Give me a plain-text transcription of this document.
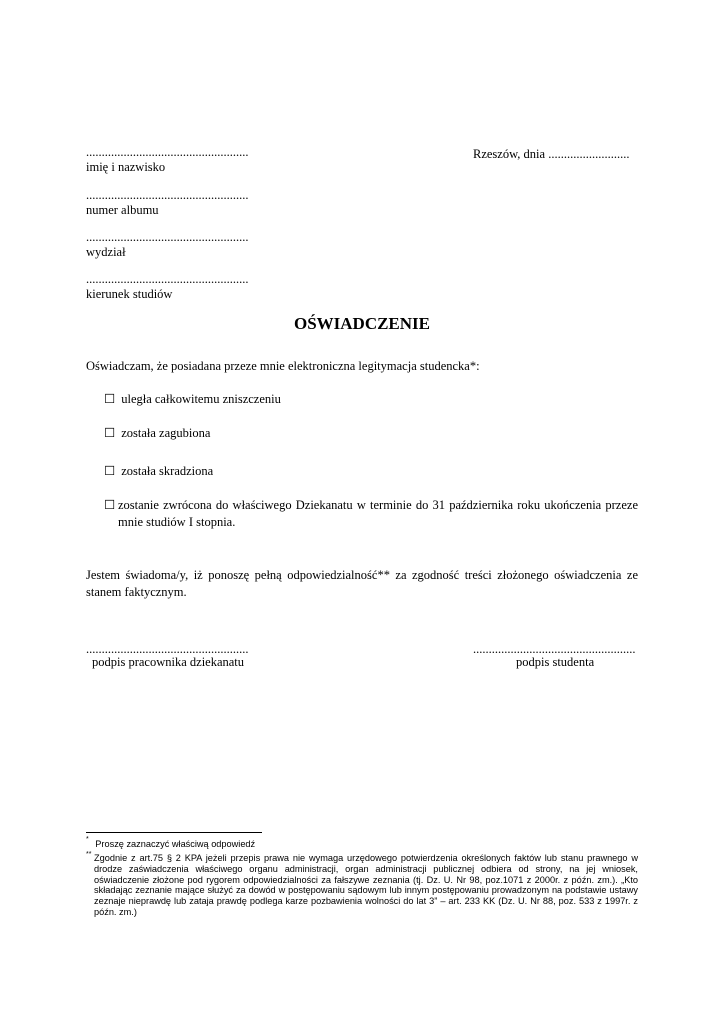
....................................................
imię i nazwisko
....................................................
numer albumu
....................................................
wydział
....................................................
kierunek studiów
Rzeszów, dnia ..........................
OŚWIADCZENIE
Oświadczam, że posiadana przeze mnie elektroniczna legitymacja studencka*:
☐ uległa całkowitemu zniszczeniu
☐ została zagubiona
☐ została skradziona
☐ zostanie zwrócona do właściwego Dziekanatu w terminie do 31 października roku ukończenia przeze mnie studiów I stopnia.
Jestem świadoma/y, iż ponoszę pełną odpowiedzialność** za zgodność treści złożonego oświadczenia ze stanem faktycznym.
....................................................
podpis pracownika dziekanatu
....................................................
podpis studenta
* Proszę zaznaczyć właściwą odpowiedź
** Zgodnie z art.75 § 2 KPA jeżeli przepis prawa nie wymaga urzędowego potwierdzenia określonych faktów lub stanu prawnego w drodze zaświadczenia właściwego organu administracji, organ administracji publicznej odbiera od strony, na jej wniosek, oświadczenie złożone pod rygorem odpowiedzialności za fałszywe zeznania (tj. Dz. U. Nr 98, poz.1071 z 2000r. z późn. zm.). „Kto składając zeznanie mające służyć za dowód w postępowaniu sądowym lub innym postępowaniu prowadzonym na podstawie ustawy zeznaje nieprawdę lub zataja prawdę podlega karze pozbawienia wolności do lat 3” – art. 233 KK (Dz. U. Nr 88, poz. 533 z 1997r. z późn. zm.)
